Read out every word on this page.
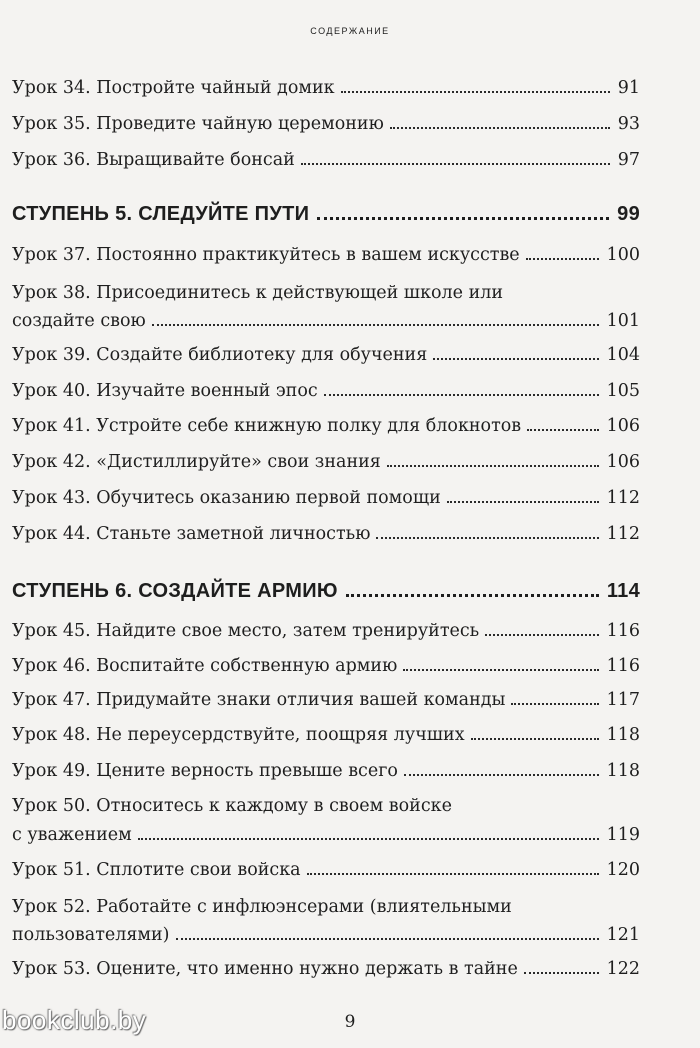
содержание
Урок 34. Постройте чайный домик	91
Урок 35. Проведите чайную церемонию	93
Урок 36. Выращивайте бонсай	97
СТУПЕНЬ 5. СЛЕДУЙТЕ ПУТИ	99
Урок 37. Постоянно практикуйтесь в вашем искусстве	100
Урок 38. Присоединитесь к действующей школе или
создайте свою	101
Урок 39. Создайте библиотеку для обучения	104
Урок 40. Изучайте военный эпос	105
Урок 41. Устройте себе книжную полку для блокнотов	106
Урок 42. «Дистиллируйте» свои знания	106
Урок 43. Обучитесь оказанию первой помощи	112
Урок 44. Станьте заметной личностью	112
СТУПЕНЬ 6. СОЗДАЙТЕ АРМИЮ	114
Урок 45. Найдите свое место, затем тренируйтесь	116
Урок 46. Воспитайте собственную армию	116
Урок 47. Придумайте знаки отличия вашей команды	117
Урок 48. Не переусердствуйте, поощряя лучших	118
Урок 49. Цените верность превыше всего	118
Урок 50. Относитесь к каждому в своем войске
с уважением	119
Урок 51. Сплотите свои войска	120
Урок 52. Работайте с инфлюэнсерами (влиятельными
пользователями)	121
Урок 53. Оцените, что именно нужно держать в тайне	122
9
bookclub.by
